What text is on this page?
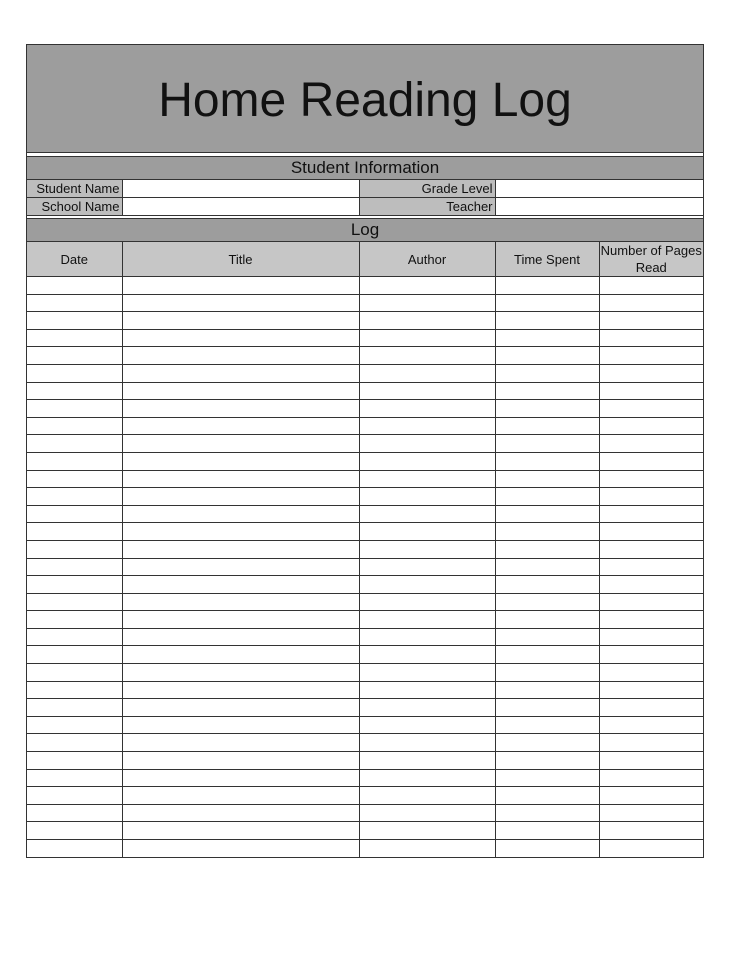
Home Reading Log
Student Information
Student Name		Grade Level	
School Name		Teacher	
Log
Date	Title	Author	Time Spent	Number of Pages Read
